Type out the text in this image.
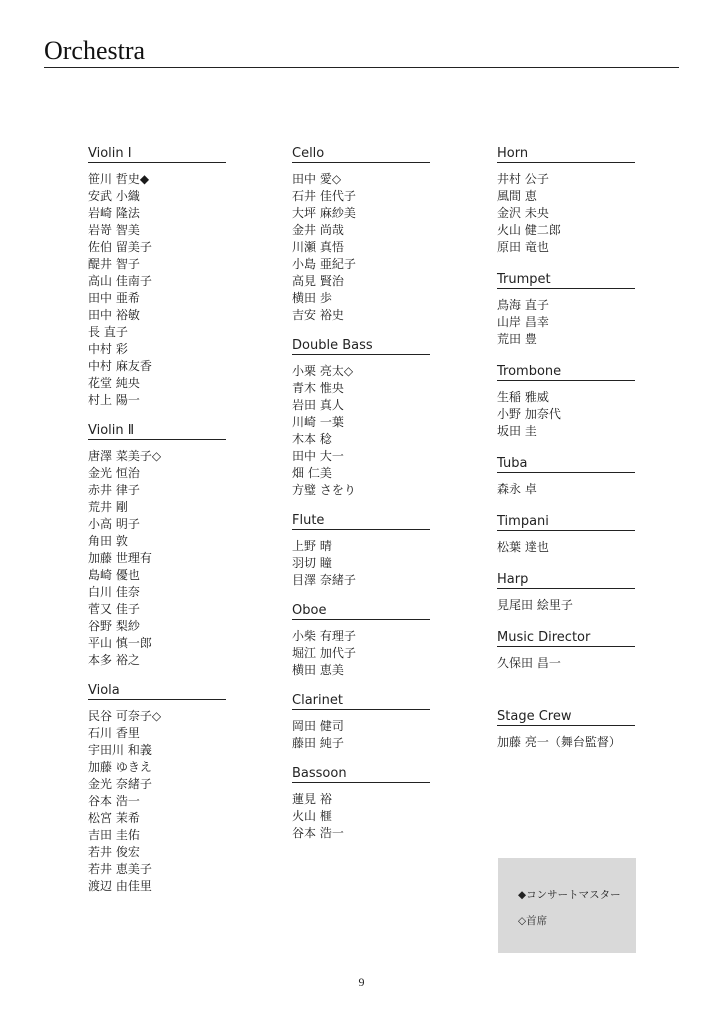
Orchestra
Violin Ⅰ
笹川 哲史◆
安武 小織
岩崎 隆法
岩嵜 智美
佐伯 留美子
醍井 智子
高山 佳南子
田中 亜希
田中 裕敏
長 直子
中村 彩
中村 麻友香
花堂 純央
村上 陽一
Violin Ⅱ
唐澤 菜美子◇
金光 恒治
赤井 律子
荒井 剛
小高 明子
角田 敦
加藤 世理有
島崎 優也
白川 佳奈
菅又 佳子
谷野 梨紗
平山 慎一郎
本多 裕之
Viola
民谷 可奈子◇
石川 香里
宇田川 和義
加藤 ゆきえ
金光 奈緒子
谷本 浩一
松宮 茉希
吉田 圭佑
若井 俊宏
若井 恵美子
渡辺 由佳里
Cello
田中 愛◇
石井 佳代子
大坪 麻紗美
金井 尚哉
川瀬 真悟
小島 亜紀子
高見 賢治
横田 歩
吉安 裕史
Double Bass
小栗 亮太◇
青木 惟央
岩田 真人
川崎 一葉
木本 稔
田中 大一
畑 仁美
方璧 さをり
Flute
上野 晴
羽切 瞳
目澤 奈緒子
Oboe
小柴 有理子
堀江 加代子
横田 恵美
Clarinet
岡田 健司
藤田 純子
Bassoon
蓮見 裕
火山 榧
谷本 浩一
Horn
井村 公子
風間 恵
金沢 未央
火山 健二郎
原田 竜也
Trumpet
鳥海 直子
山岸 昌幸
荒田 豊
Trombone
生稲 雅威
小野 加奈代
坂田 圭
Tuba
森永 卓
Timpani
松葉 達也
Harp
見尾田 絵里子
Music Director
久保田 昌一
Stage Crew
加藤 亮一（舞台監督）
◆コンサートマスター
◇首席
9
